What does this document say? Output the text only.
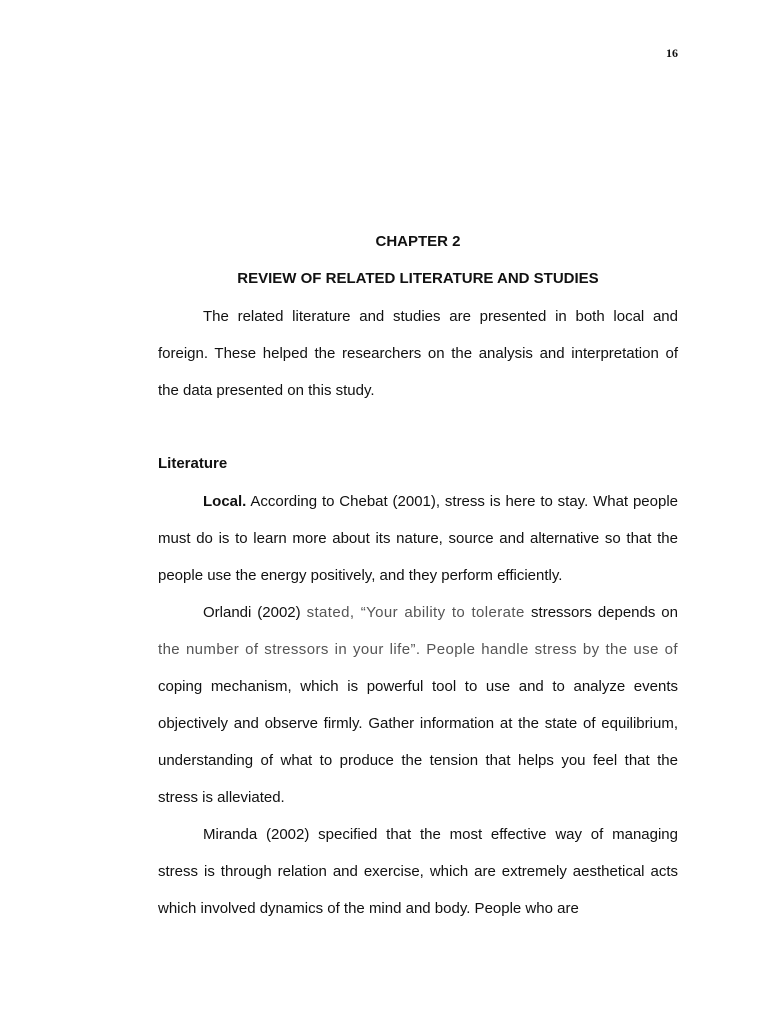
16
CHAPTER 2
REVIEW OF RELATED LITERATURE AND STUDIES

The related literature and studies are presented in both local and foreign. These helped the researchers on the analysis and interpretation of the data presented on this study.

Literature

Local. According to Chebat (2001), stress is here to stay. What people must do is to learn more about its nature, source and alternative so that the people use the energy positively, and they perform efficiently.

Orlandi (2002) stated, “Your ability to tolerate stressors depends on the number of stressors in your life”. People handle stress by the use of coping mechanism, which is powerful tool to use and to analyze events objectively and observe firmly. Gather information at the state of equilibrium, understanding of what to produce the tension that helps you feel that the stress is alleviated.

Miranda (2002) specified that the most effective way of managing stress is through relation and exercise, which are extremely aesthetical acts which involved dynamics of the mind and body. People who are
